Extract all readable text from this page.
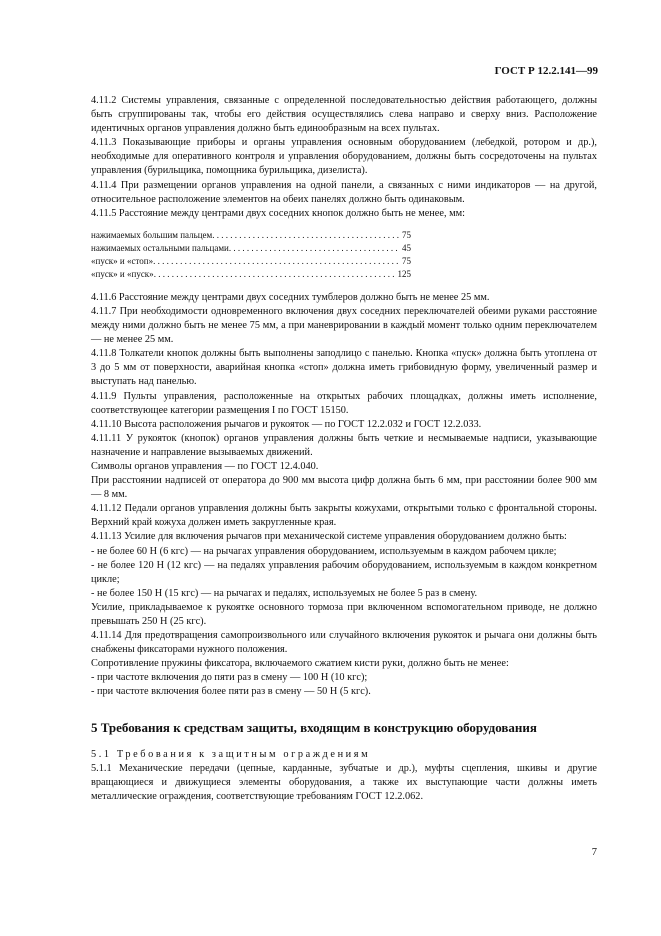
ГОСТ Р 12.2.141—99

4.11.2 Системы управления, связанные с определенной последовательностью действия работающего, должны быть сгруппированы так, чтобы его действия осуществлялись слева направо и сверху вниз. Расположение идентичных органов управления должно быть единообразным на всех пультах.

4.11.3 Показывающие приборы и органы управления основным оборудованием (лебедкой, ротором и др.), необходимые для оперативного контроля и управления оборудованием, должны быть сосредоточены на пультах управления (бурильщика, помощника бурильщика, дизелиста).

4.11.4 При размещении органов управления на одной панели, а связанных с ними индикаторов — на другой, относительное расположение элементов на обеих панелях должно быть одинаковым.

4.11.5 Расстояние между центрами двух соседних кнопок должно быть не менее, мм:

нажимаемых большим пальцем . . .	75
нажимаемых остальными пальцами . . .	45
«пуск» и «стоп» . . .	75
«пуск» и «пуск» . . .	125

4.11.6 Расстояние между центрами двух соседних тумблеров должно быть не менее 25 мм.

4.11.7 При необходимости одновременного включения двух соседних переключателей обеими руками расстояние между ними должно быть не менее 75 мм, а при маневрировании в каждый момент только одним переключателем — не менее 25 мм.

4.11.8 Толкатели кнопок должны быть выполнены заподлицо с панелью. Кнопка «пуск» должна быть утоплена от 3 до 5 мм от поверхности, аварийная кнопка «стоп» должна иметь грибовидную форму, увеличенный размер и выступать над панелью.

4.11.9 Пульты управления, расположенные на открытых рабочих площадках, должны иметь исполнение, соответствующее категории размещения I по ГОСТ 15150.

4.11.10 Высота расположения рычагов и рукояток — по ГОСТ 12.2.032 и ГОСТ 12.2.033.

4.11.11 У рукояток (кнопок) органов управления должны быть четкие и несмываемые надписи, указывающие назначение и направление вызываемых движений.

Символы органов управления — по ГОСТ 12.4.040.

При расстоянии надписей от оператора до 900 мм высота цифр должна быть 6 мм, при расстоянии более 900 мм — 8 мм.

4.11.12 Педали органов управления должны быть закрыты кожухами, открытыми только с фронтальной стороны. Верхний край кожуха должен иметь закругленные края.

4.11.13 Усилие для включения рычагов при механической системе управления оборудованием должно быть:

- не более 60 Н (6 кгс) — на рычагах управления оборудованием, используемым в каждом рабочем цикле;

- не более 120 Н (12 кгс) — на педалях управления рабочим оборудованием, используемым в каждом конкретном цикле;

- не более 150 Н (15 кгс) — на рычагах и педалях, используемых не более 5 раз в смену.

Усилие, прикладываемое к рукоятке основного тормоза при включенном вспомогательном приводе, не должно превышать 250 Н (25 кгс).

4.11.14 Для предотвращения самопроизвольного или случайного включения рукояток и рычага они должны быть снабжены фиксаторами нужного положения.

Сопротивление пружины фиксатора, включаемого сжатием кисти руки, должно быть не менее:

- при частоте включения до пяти раз в смену — 100 Н (10 кгс);

- при частоте включения более пяти раз в смену — 50 Н (5 кгс).

5 Требования к средствам защиты, входящим в конструкцию оборудования

5.1 Требования к защитным ограждениям

5.1.1 Механические передачи (цепные, карданные, зубчатые и др.), муфты сцепления, шкивы и другие вращающиеся и движущиеся элементы оборудования, а также их выступающие части должны иметь металлические ограждения, соответствующие требованиям ГОСТ 12.2.062.

7
